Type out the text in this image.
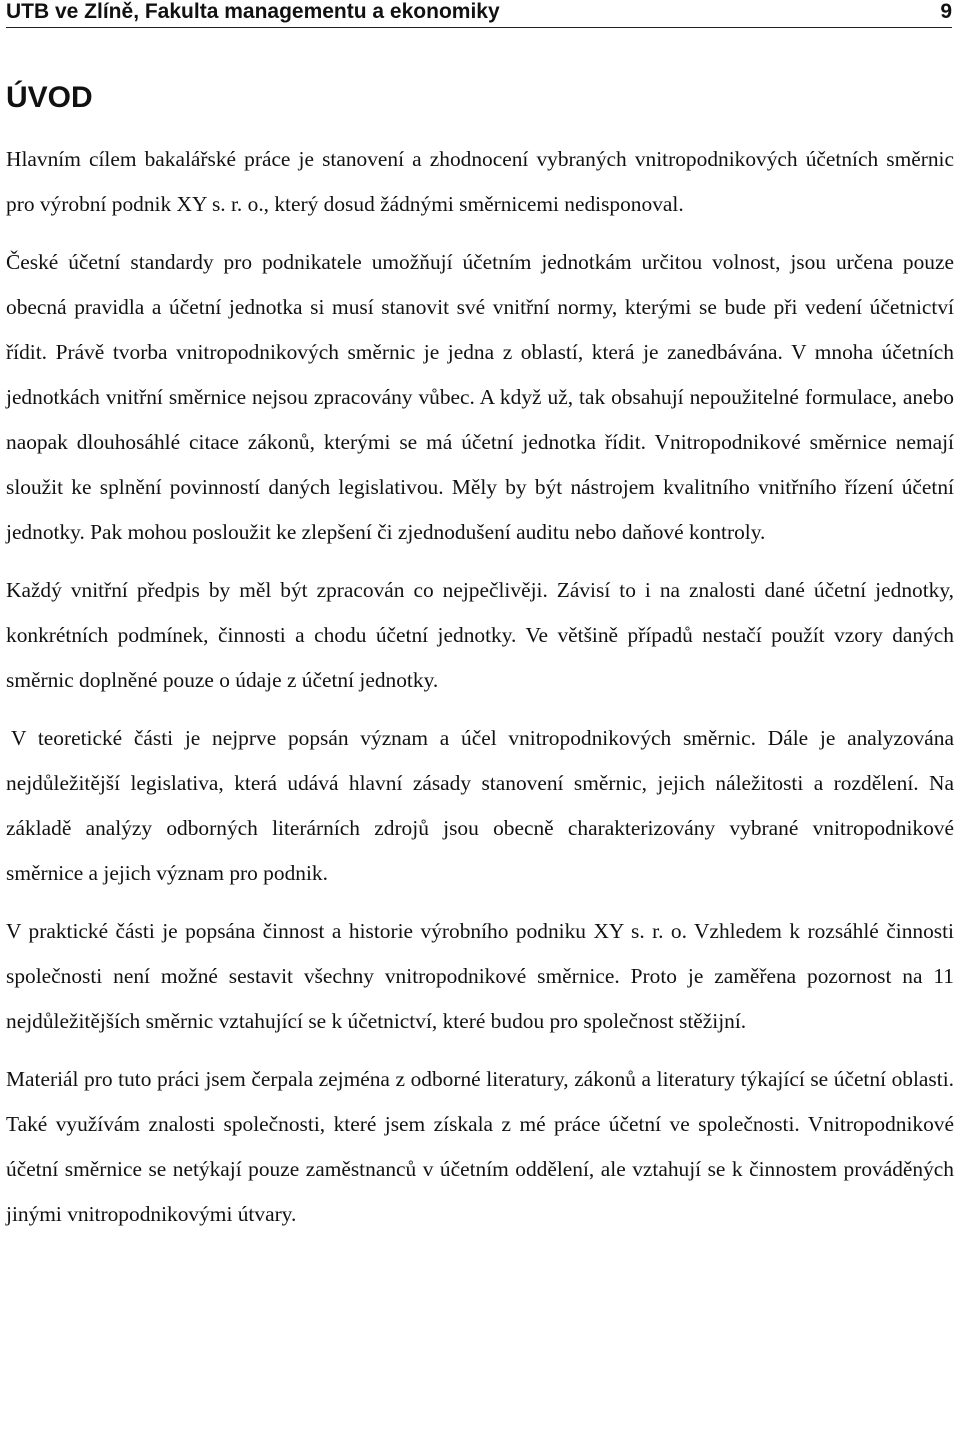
UTB ve Zlíně, Fakulta managementu a ekonomiky	9
ÚVOD

Hlavním cílem bakalářské práce je stanovení a zhodnocení vybraných vnitropodnikových účetních směrnic pro výrobní podnik XY s. r. o., který dosud žádnými směrnicemi nedisponoval.

České účetní standardy pro podnikatele umožňují účetním jednotkám určitou volnost, jsou určena pouze obecná pravidla a účetní jednotka si musí stanovit své vnitřní normy, kterými se bude při vedení účetnictví řídit. Právě tvorba vnitropodnikových směrnic je jedna z oblastí, která je zanedbávána. V mnoha účetních jednotkách vnitřní směrnice nejsou zpracovány vůbec. A když už, tak obsahují nepoužitelné formulace, anebo naopak dlouhosáhlé citace zákonů, kterými se má účetní jednotka řídit. Vnitropodnikové směrnice nemají sloužit ke splnění povinností daných legislativou. Měly by být nástrojem kvalitního vnitřního řízení účetní jednotky. Pak mohou posloužit ke zlepšení či zjednodušení auditu nebo daňové kontroly.

Každý vnitřní předpis by měl být zpracován co nejpečlivěji. Závisí to i na znalosti dané účetní jednotky, konkrétních podmínek, činnosti a chodu účetní jednotky. Ve většině případů nestačí použít vzory daných směrnic doplněné pouze o údaje z účetní jednotky.

V teoretické části je nejprve popsán význam a účel vnitropodnikových směrnic. Dále je analyzována nejdůležitější legislativa, která udává hlavní zásady stanovení směrnic, jejich náležitosti a rozdělení. Na základě analýzy odborných literárních zdrojů jsou obecně charakterizovány vybrané vnitropodnikové směrnice a jejich význam pro podnik.

V praktické části je popsána činnost a historie výrobního podniku XY s. r. o. Vzhledem k rozsáhlé činnosti společnosti není možné sestavit všechny vnitropodnikové směrnice. Proto je zaměřena pozornost na 11 nejdůležitějších směrnic vztahující se k účetnictví, které budou pro společnost stěžijní.

Materiál pro tuto práci jsem čerpala zejména z odborné literatury, zákonů a literatury týkající se účetní oblasti. Také využívám znalosti společnosti, které jsem získala z mé práce účetní ve společnosti. Vnitropodnikové účetní směrnice se netýkají pouze zaměstnanců v účetním oddělení, ale vztahují se k činnostem prováděných jinými vnitropodnikovými útvary.
